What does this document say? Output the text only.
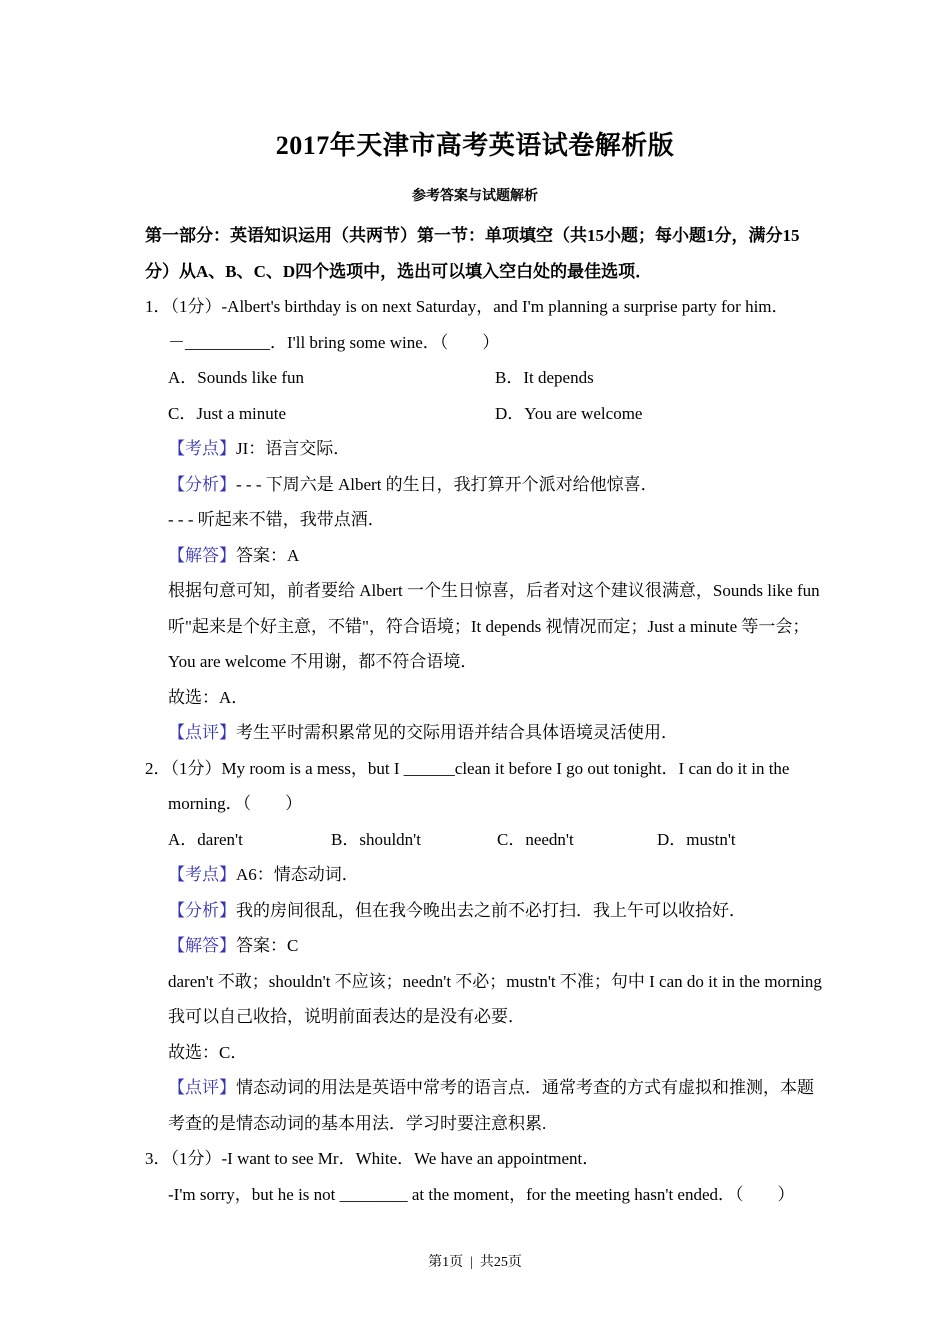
2017年天津市高考英语试卷解析版
参考答案与试题解析
第一部分：英语知识运用（共两节）第一节：单项填空（共15小题；每小题1分，满分15
分）从A、B、C、D四个选项中，选出可以填入空白处的最佳选项．
1．（1分）‐Albert's birthday is on next Saturday，and I'm planning a surprise party for him．
－__________．I'll bring some wine．（　　）
A．Sounds like fun	B．It depends
C．Just a minute	D．You are welcome
【考点】JI：语言交际．
【分析】- - - 下周六是 Albert 的生日，我打算开个派对给他惊喜．
- - - 听起来不错，我带点酒．
【解答】答案：A
根据句意可知，前者要给 Albert 一个生日惊喜，后者对这个建议很满意，Sounds like fun
听"起来是个好主意，不错"，符合语境；It depends 视情况而定；Just a minute 等一会；
You are welcome 不用谢，都不符合语境．
故选：A．
【点评】考生平时需积累常见的交际用语并结合具体语境灵活使用．
2．（1分）My room is a mess，but I ______clean it before I go out tonight．I can do it in the
morning．（　　）
A．daren't	B．shouldn't	C．needn't	D．mustn't
【考点】A6：情态动词．
【分析】我的房间很乱，但在我今晚出去之前不必打扫．我上午可以收拾好．
【解答】答案：C
daren't 不敢；shouldn't 不应该；needn't 不必；mustn't 不准；句中 I can do it in the morning
我可以自己收拾，说明前面表达的是没有必要．
故选：C．
【点评】情态动词的用法是英语中常考的语言点．通常考查的方式有虚拟和推测，本题
考查的是情态动词的基本用法．学习时要注意积累.
3．（1分）‐I want to see Mr．White．We have an appointment．
‐I'm sorry，but he is not ________ at the moment，for the meeting hasn't ended．（　　）
第1页 | 共25页
